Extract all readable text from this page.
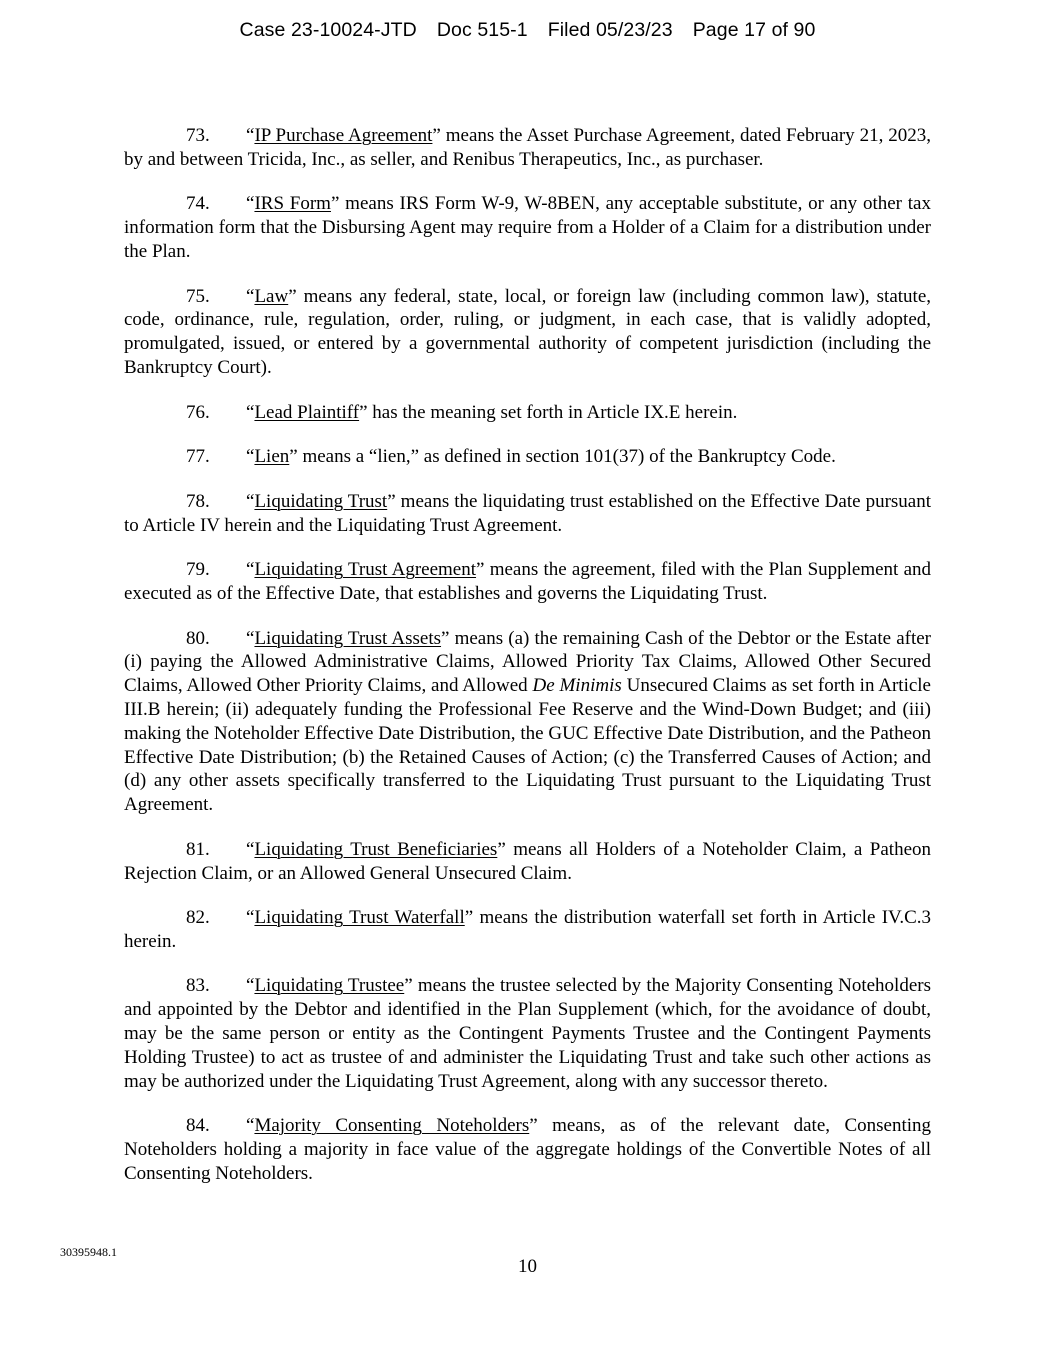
Case 23-10024-JTD Doc 515-1 Filed 05/23/23 Page 17 of 90

73. “IP Purchase Agreement” means the Asset Purchase Agreement, dated February 21, 2023, by and between Tricida, Inc., as seller, and Renibus Therapeutics, Inc., as purchaser.

74. “IRS Form” means IRS Form W-9, W-8BEN, any acceptable substitute, or any other tax information form that the Disbursing Agent may require from a Holder of a Claim for a distribution under the Plan.

75. “Law” means any federal, state, local, or foreign law (including common law), statute, code, ordinance, rule, regulation, order, ruling, or judgment, in each case, that is validly adopted, promulgated, issued, or entered by a governmental authority of competent jurisdiction (including the Bankruptcy Court).

76. “Lead Plaintiff” has the meaning set forth in Article IX.E herein.

77. “Lien” means a “lien,” as defined in section 101(37) of the Bankruptcy Code.

78. “Liquidating Trust” means the liquidating trust established on the Effective Date pursuant to Article IV herein and the Liquidating Trust Agreement.

79. “Liquidating Trust Agreement” means the agreement, filed with the Plan Supplement and executed as of the Effective Date, that establishes and governs the Liquidating Trust.

80. “Liquidating Trust Assets” means (a) the remaining Cash of the Debtor or the Estate after (i) paying the Allowed Administrative Claims, Allowed Priority Tax Claims, Allowed Other Secured Claims, Allowed Other Priority Claims, and Allowed De Minimis Unsecured Claims as set forth in Article III.B herein; (ii) adequately funding the Professional Fee Reserve and the Wind-Down Budget; and (iii) making the Noteholder Effective Date Distribution, the GUC Effective Date Distribution, and the Patheon Effective Date Distribution; (b) the Retained Causes of Action; (c) the Transferred Causes of Action; and (d) any other assets specifically transferred to the Liquidating Trust pursuant to the Liquidating Trust Agreement.

81. “Liquidating Trust Beneficiaries” means all Holders of a Noteholder Claim, a Patheon Rejection Claim, or an Allowed General Unsecured Claim.

82. “Liquidating Trust Waterfall” means the distribution waterfall set forth in Article IV.C.3 herein.

83. “Liquidating Trustee” means the trustee selected by the Majority Consenting Noteholders and appointed by the Debtor and identified in the Plan Supplement (which, for the avoidance of doubt, may be the same person or entity as the Contingent Payments Trustee and the Contingent Payments Holding Trustee) to act as trustee of and administer the Liquidating Trust and take such other actions as may be authorized under the Liquidating Trust Agreement, along with any successor thereto.

84. “Majority Consenting Noteholders” means, as of the relevant date, Consenting Noteholders holding a majority in face value of the aggregate holdings of the Convertible Notes of all Consenting Noteholders.

30395948.1
10
